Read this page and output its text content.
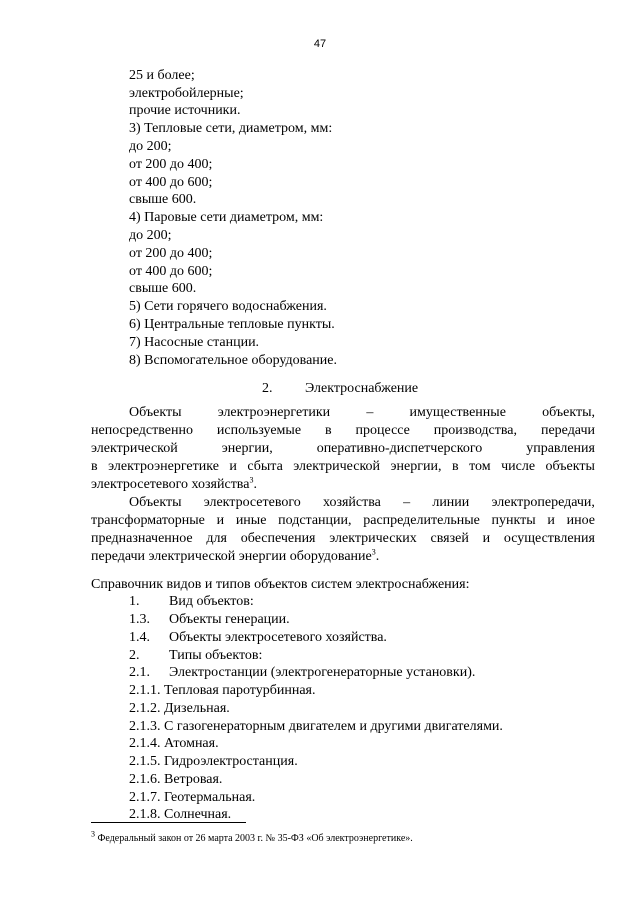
47
25 и более;
электробойлерные;
прочие источники.
3) Тепловые сети, диаметром, мм:
до 200;
от 200 до 400;
от 400 до 600;
свыше 600.
4) Паровые сети диаметром, мм:
до 200;
от 200 до 400;
от 400 до 600;
свыше 600.
5) Сети горячего водоснабжения.
6) Центральные тепловые пункты.
7) Насосные станции.
8) Вспомогательное оборудование.
2. Электроснабжение
Объекты	электроэнергетики	–	имущественные	объекты,
непосредственно используемые в процессе производства, передачи
электрической	энергии,	оперативно-диспетчерского	управления
в электроэнергетике и сбыта электрической энергии, в том числе объекты
электросетевого хозяйства$^3$.
Объекты электросетевого хозяйства – линии электропередачи,
трансформаторные и иные подстанции, распределительные пункты и иное
предназначенное для обеспечения электрических связей и осуществления
передачи электрической энергии оборудование$^3$.
Справочник видов и типов объектов систем электроснабжения:
1. Вид объектов:
1.3. Объекты генерации.
1.4. Объекты электросетевого хозяйства.
2. Типы объектов:
2.1. Электростанции (электрогенераторные установки).
2.1.1. Тепловая паротурбинная.
2.1.2. Дизельная.
2.1.3. С газогенераторным двигателем и другими двигателями.
2.1.4. Атомная.
2.1.5. Гидроэлектростанция.
2.1.6. Ветровая.
2.1.7. Геотермальная.
2.1.8. Солнечная.
$^3$ Федеральный закон от 26 марта 2003 г. № 35-ФЗ «Об электроэнергетике».
